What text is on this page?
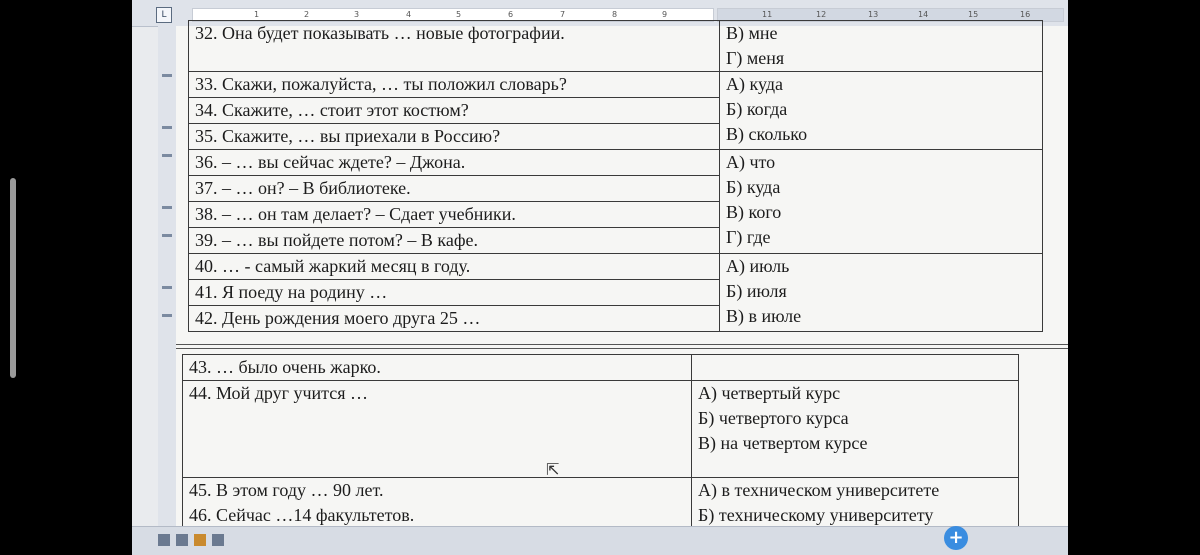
L	1	2	3	4	5	6	7	8	9	11	12	13	14	15	16
32. Она будет показывать … новые фотографии.	В) мне
Г) меня

33. Скажи, пожалуйста, … ты положил словарь?	А) куда
Б) когда
В) сколько

34. Скажите, … стоит этот костюм?	
35. Скажите, … вы приехали в Россию?	
36. – … вы сейчас ждете? – Джона.	А) что
Б) куда
В) кого
Г) где

37. – … он? – В библиотеке.	
38. – … он там делает? – Сдает учебники.	
39. – … вы пойдете потом? – В кафе.	
40. … - самый жаркий месяц в году.	А) июль
Б) июля
В) в июле

41. Я поеду на родину …	
42. День рождения моего друга 25 …	
43. … было очень жарко.	
44. Мой друг учится …	А) четвертый курс
Б) четвертого курса
В) на четвертом курсе

45. В этом году … 90 лет.
46. Сейчас …14 факультетов.	А) в техническом университете
Б) техническому университету
⇱
+
